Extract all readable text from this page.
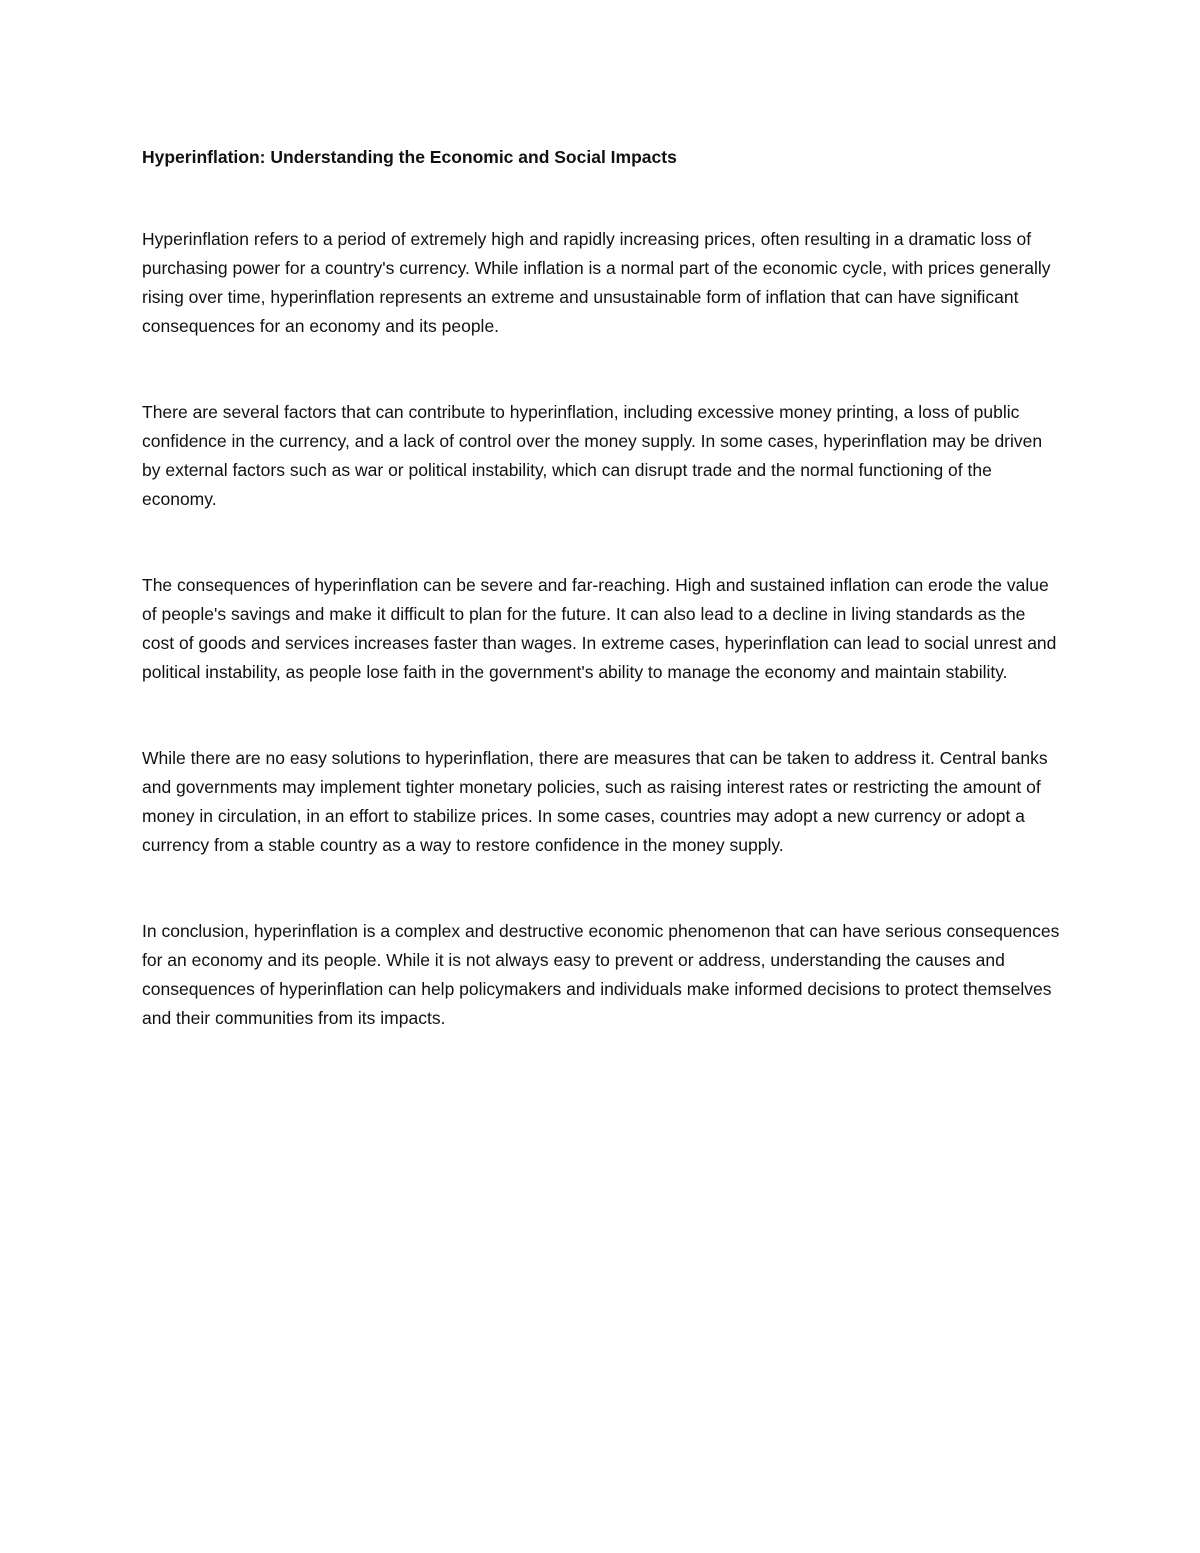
Hyperinflation: Understanding the Economic and Social Impacts

Hyperinflation refers to a period of extremely high and rapidly increasing prices, often resulting in a dramatic loss of purchasing power for a country's currency. While inflation is a normal part of the economic cycle, with prices generally rising over time, hyperinflation represents an extreme and unsustainable form of inflation that can have significant consequences for an economy and its people.

There are several factors that can contribute to hyperinflation, including excessive money printing, a loss of public confidence in the currency, and a lack of control over the money supply. In some cases, hyperinflation may be driven by external factors such as war or political instability, which can disrupt trade and the normal functioning of the economy.

The consequences of hyperinflation can be severe and far-reaching. High and sustained inflation can erode the value of people's savings and make it difficult to plan for the future. It can also lead to a decline in living standards as the cost of goods and services increases faster than wages. In extreme cases, hyperinflation can lead to social unrest and political instability, as people lose faith in the government's ability to manage the economy and maintain stability.

While there are no easy solutions to hyperinflation, there are measures that can be taken to address it. Central banks and governments may implement tighter monetary policies, such as raising interest rates or restricting the amount of money in circulation, in an effort to stabilize prices. In some cases, countries may adopt a new currency or adopt a currency from a stable country as a way to restore confidence in the money supply.

In conclusion, hyperinflation is a complex and destructive economic phenomenon that can have serious consequences for an economy and its people. While it is not always easy to prevent or address, understanding the causes and consequences of hyperinflation can help policymakers and individuals make informed decisions to protect themselves and their communities from its impacts.
